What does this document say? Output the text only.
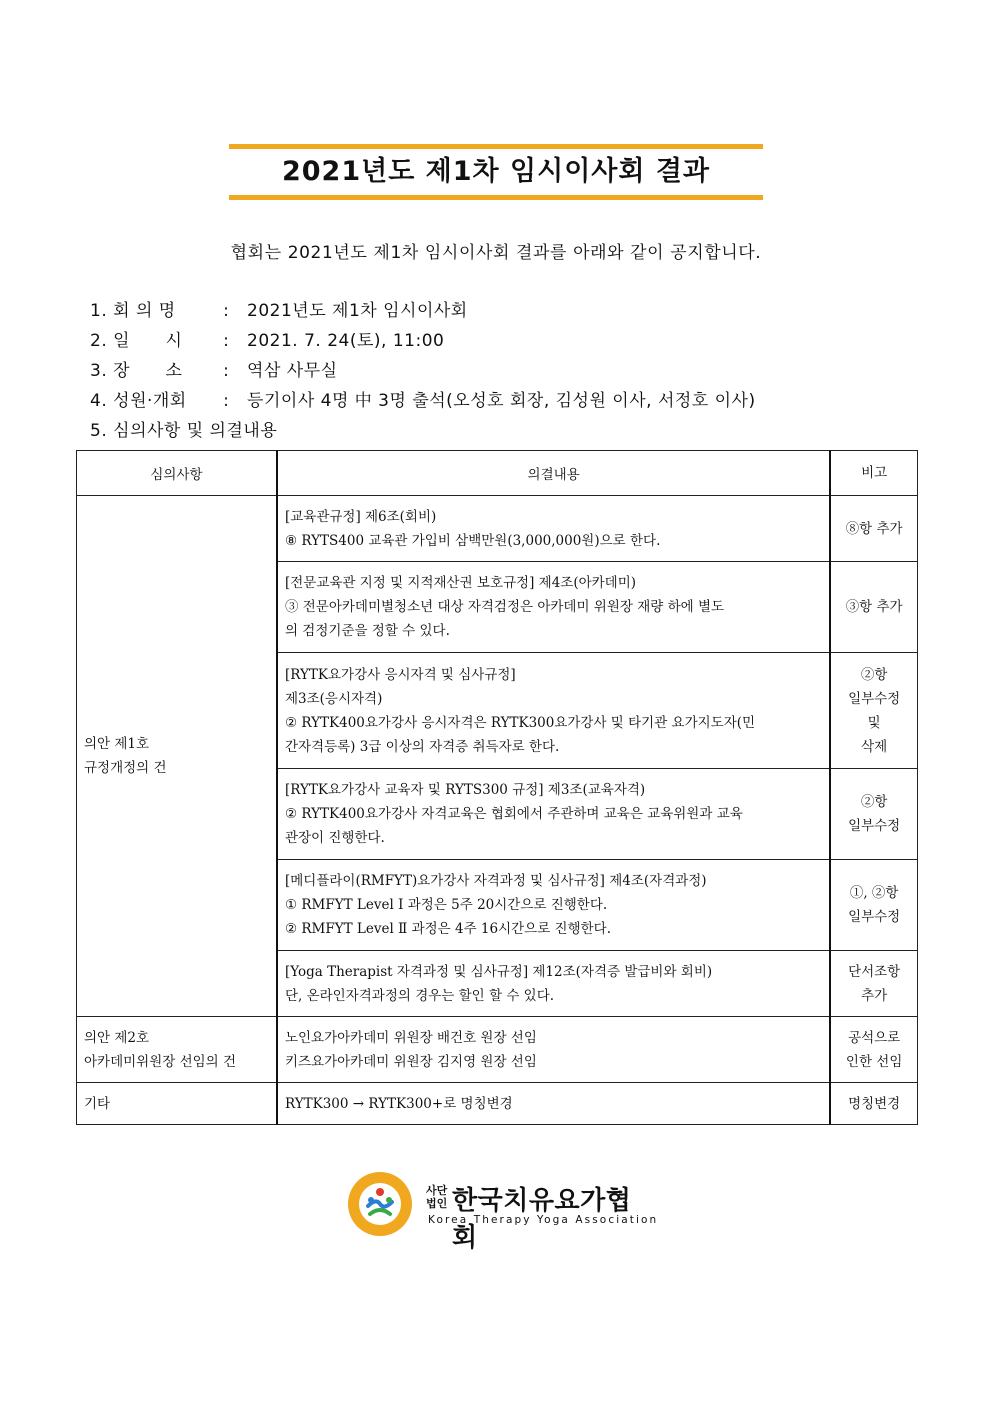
2021년도 제1차 임시이사회 결과
협회는 2021년도 제1차 임시이사회 결과를 아래와 같이 공지합니다.
1. 회 의 명	: 2021년도 제1차 임시이사회
2. 일      시 : 2021. 7. 24(토), 11:00
3. 장      소 : 역삼 사무실
4. 성원·개회 : 등기이사 4명 中 3명 출석(오성호 회장, 김성원 이사, 서정호 이사)
5. 심의사항 및 의결내용
심의사항	의결내용	비고

의안 제1호
규정개정의 건	[교육관규정] 제6조(회비)
⑧ RYTS400 교육관 가입비 삼백만원(3,000,000원)으로 한다.	⑧항 추가

	[전문교육관 지정 및 지적재산권 보호규정] 제4조(아카데미)
③ 전문아카데미별청소년 대상 자격검정은 아카데미 위원장 재량 하에 별도
의 검정기준을 정할 수 있다.	③항 추가

	[RYTK요가강사 응시자격 및 심사규정]
제3조(응시자격)
② RYTK400요가강사 응시자격은 RYTK300요가강사 및 타기관 요가지도자(민
간자격등록) 3급 이상의 자격증 취득자로 한다.	②항
일부수정
및
삭제

	[RYTK요가강사 교육자 및 RYTS300 규정] 제3조(교육자격)
② RYTK400요가강사 자격교육은 협회에서 주관하며 교육은 교육위원과 교육
관장이 진행한다.	②항
일부수정

	[메디플라이(RMFYT)요가강사 자격과정 및 심사규정] 제4조(자격과정)
① RMFYT Level Ⅰ 과정은 5주 20시간으로 진행한다.
② RMFYT Level Ⅱ 과정은 4주 16시간으로 진행한다.	①, ②항
일부수정

	[Yoga Therapist 자격과정 및 심사규정] 제12조(자격증 발급비와 회비)
단, 온라인자격과정의 경우는 할인 할 수 있다.	단서조항
추가

의안 제2호
아카데미위원장 선임의 건	노인요가아카데미 위원장 배건호 원장 선임
키즈요가아카데미 위원장 김지영 원장 선임	공석으로
인한 선임

기타	RYTK300 → RYTK300+로 명칭변경	명칭변경
사단법인 한국치유요가협회
Korea Therapy Yoga Association
